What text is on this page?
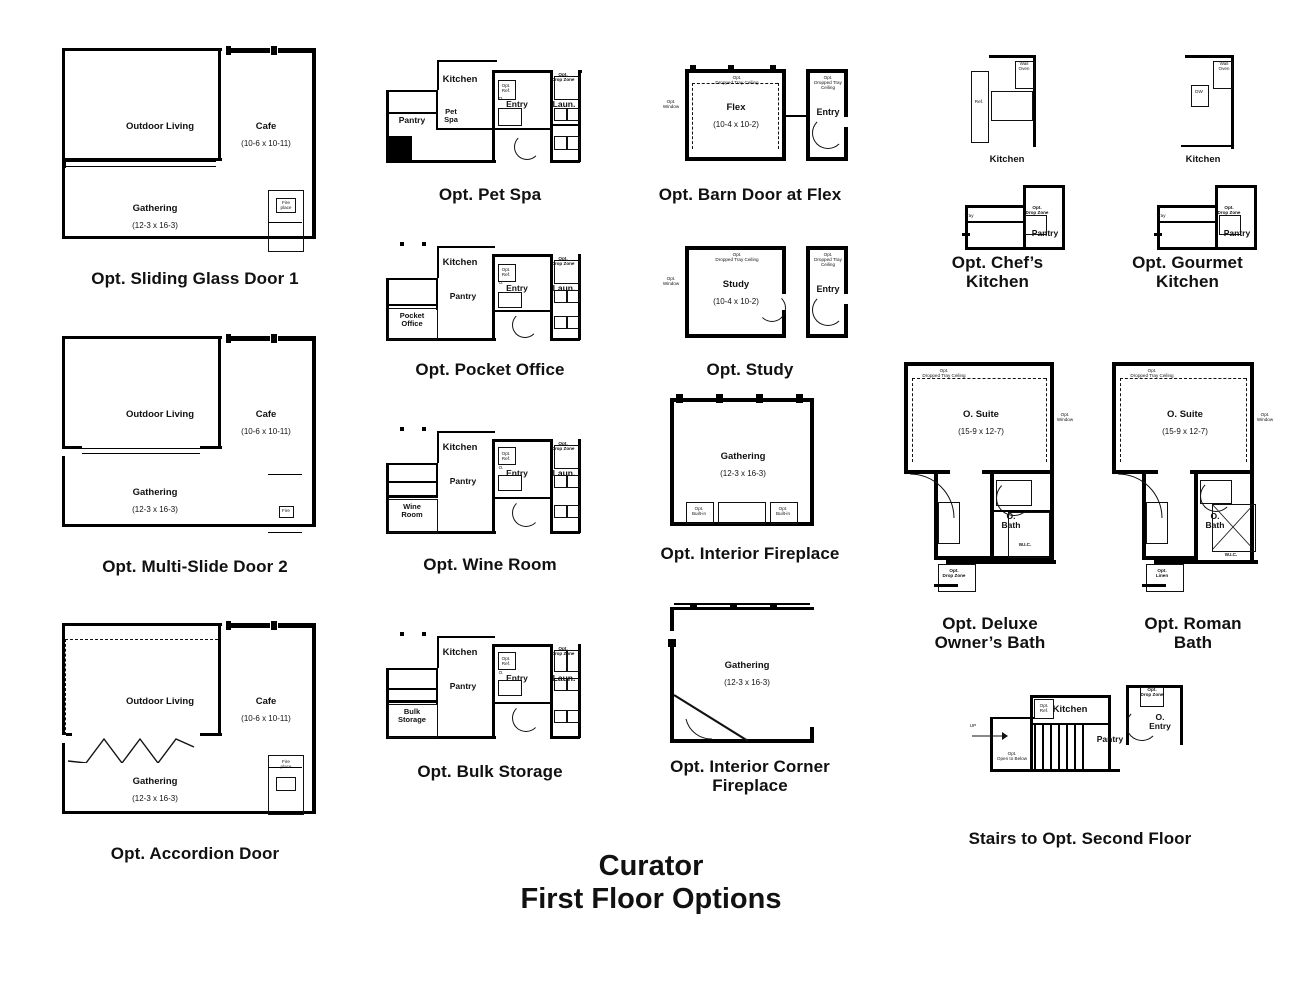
Fire
place
Outdoor Living	Cafe
(10-6 x 10-11)
Gathering
(12-3 x 16-3)
Opt. Sliding Glass Door 1
Fire
Outdoor Living	Cafe
(10-6 x 10-11)
Gathering
(12-3 x 16-3)
Opt. Multi-Slide Door 2
Fire
place
Outdoor Living	Cafe
(10-6 x 10-11)
Gathering
(12-3 x 16-3)
Opt. Accordion Door
Kitchen
Pantry
Pet
Spa
Entry	Laun.
Opt.
Drop Zone
Opt.
Ref.
O.
Opt. Pet Spa
Kitchen
Pantry
Pocket
Office
Entry	Laun.
Opt.
Drop Zone
Opt.
Ref.
O.
Opt. Pocket Office
Kitchen
Pantry
Wine
Room
Entry	Laun.
Opt.
Drop Zone
Opt.
Ref.
O.
Opt. Wine Room
Kitchen
Pantry
Bulk
Storage
Entry	Laun.
Opt.
Drop Zone
Opt.
Ref.
O.
Opt. Bulk Storage
Flex
(10-4 x 10-2)
Entry
Opt.
Window
Opt.
Dropped Tray Ceiling
Opt.
Dropped Tray
Ceiling
Opt. Barn Door at Flex
Study
(10-4 x 10-2)
Entry
Opt.
Window
Opt.
Dropped Tray Ceiling
Opt.
Dropped Tray
Ceiling
Opt. Study
Opt.
Built-in
Opt.
Built-in
Gathering
(12-3 x 16-3)
Opt. Interior Fireplace
Gathering
(12-3 x 16-3)
Opt. Interior Corner
Fireplace
Wall
Oven
Ref.
Opt.
Drop Zone
Tray
Kitchen
Pantry
Opt. Chef’s
Kitchen
Wall
Oven
DW
Opt.
Drop Zone
Tray
Kitchen
Pantry
Opt. Gourmet
Kitchen
O. Suite
(15-9 x 12-7)
O.
Bath
W.I.C.
Opt.
Dropped Tray Ceiling
Opt.
Window
Opt.
Drop Zone
Opt. Deluxe
Owner’s Bath
O. Suite
(15-9 x 12-7)
O.
Bath
W.I.C.
Opt.
Dropped Tray Ceiling
Opt.
Window
Opt.
Linen
Opt. Roman
Bath
Kitchen
Pantry
O.
Entry
Opt.
Drop Zone
Opt.
Ref.
UP
Opt.
Open to Below
Stairs to Opt. Second Floor
Curator
First Floor Options
